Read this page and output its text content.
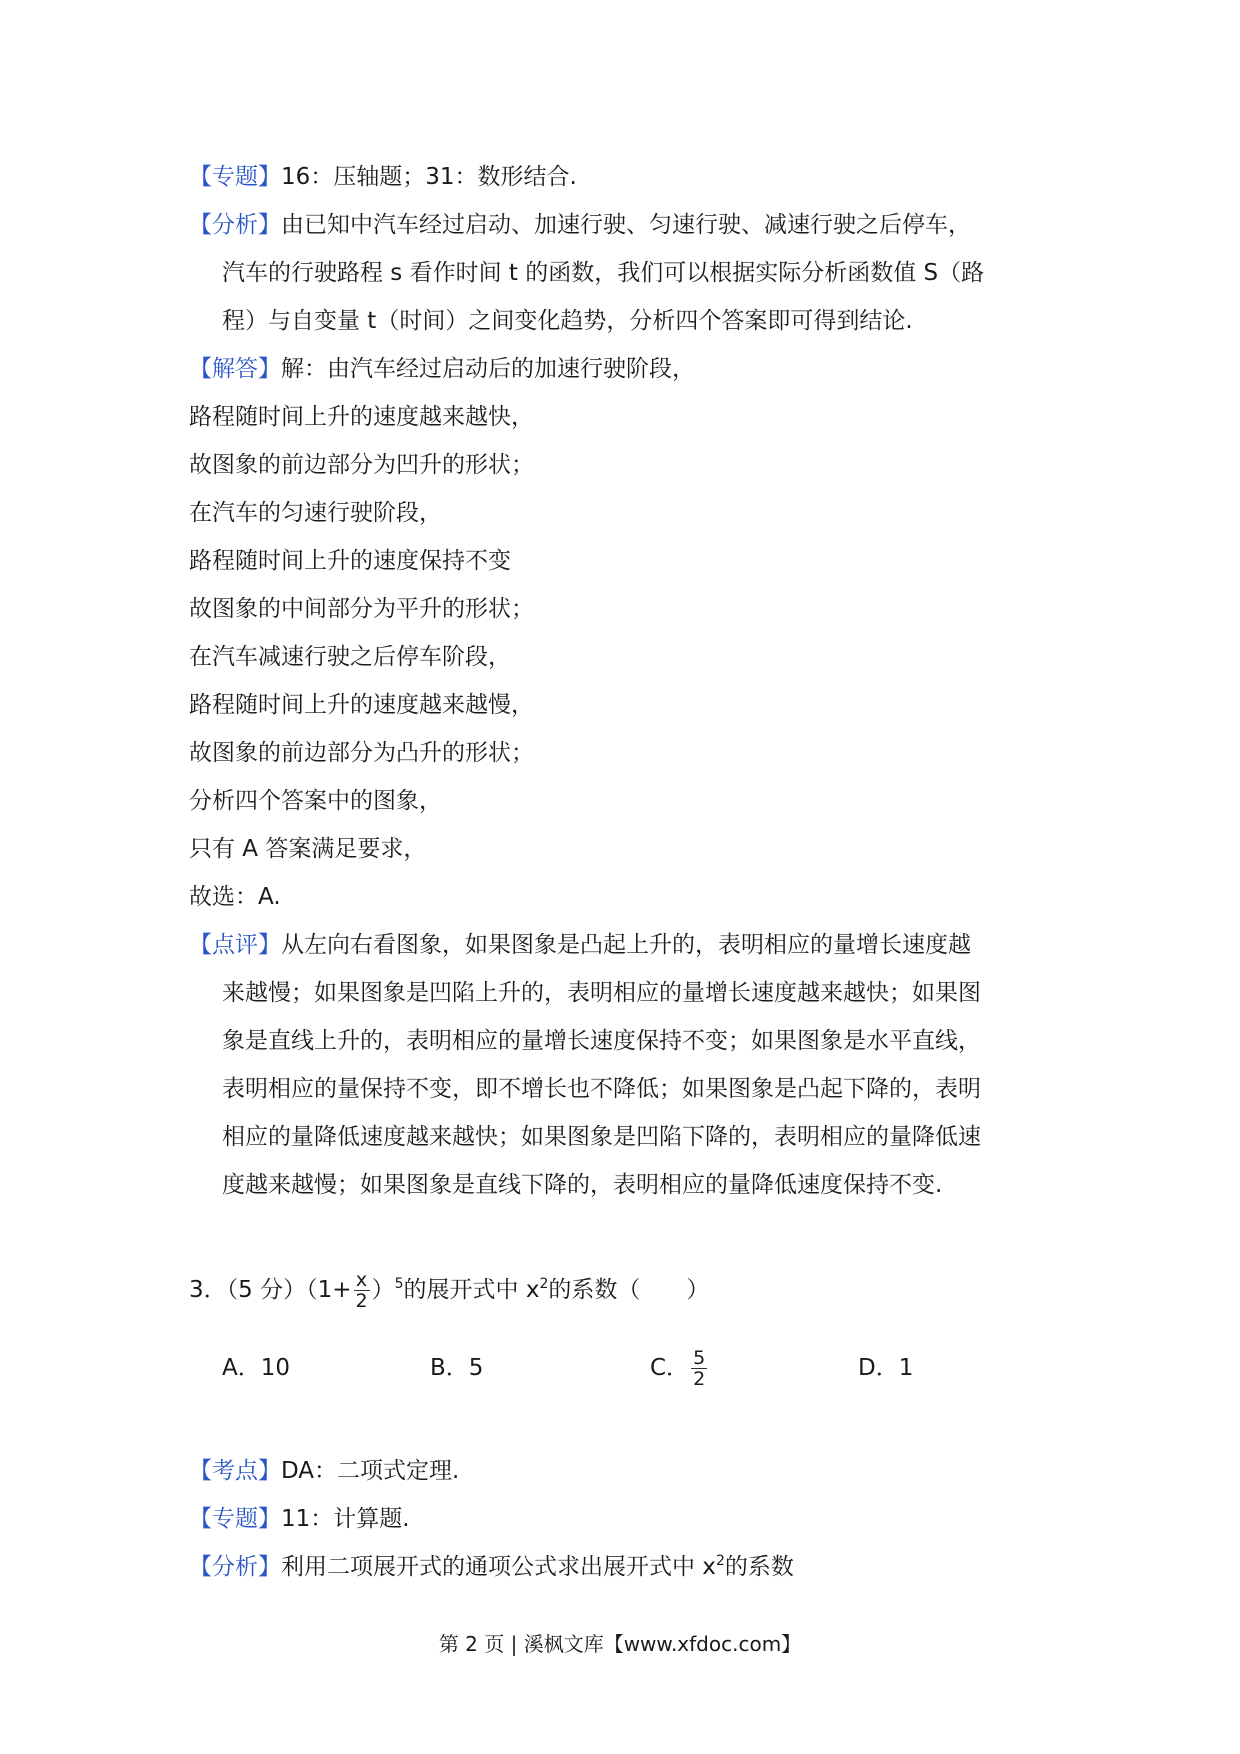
【专题】16：压轴题；31：数形结合.
【分析】由已知中汽车经过启动、加速行驶、匀速行驶、减速行驶之后停车，
汽车的行驶路程 s 看作时间 t 的函数，我们可以根据实际分析函数值 S（路
程）与自变量 t（时间）之间变化趋势，分析四个答案即可得到结论.
【解答】解：由汽车经过启动后的加速行驶阶段，
路程随时间上升的速度越来越快，
故图象的前边部分为凹升的形状；
在汽车的匀速行驶阶段，
路程随时间上升的速度保持不变
故图象的中间部分为平升的形状；
在汽车减速行驶之后停车阶段，
路程随时间上升的速度越来越慢，
故图象的前边部分为凸升的形状；
分析四个答案中的图象，
只有 A 答案满足要求，
故选：A.
【点评】从左向右看图象，如果图象是凸起上升的，表明相应的量增长速度越
来越慢；如果图象是凹陷上升的，表明相应的量增长速度越来越快；如果图
象是直线上升的，表明相应的量增长速度保持不变；如果图象是水平直线，
表明相应的量保持不变，即不增长也不降低；如果图象是凸起下降的，表明
相应的量降低速度越来越快；如果图象是凹陷下降的，表明相应的量降低速
度越来越慢；如果图象是直线下降的，表明相应的量降低速度保持不变.
3．（5 分）$(1+ \frac{x}{2} )^5$的展开式中 $x^2$的系数（　　）
A．10	B．5	C． $\frac{5}{2}$	D．1
【考点】DA：二项式定理.
【专题】11：计算题.
【分析】利用二项展开式的通项公式求出展开式中 $x^2$的系数
第 2 页 | 溪枫文库【www.xfdoc.com】
